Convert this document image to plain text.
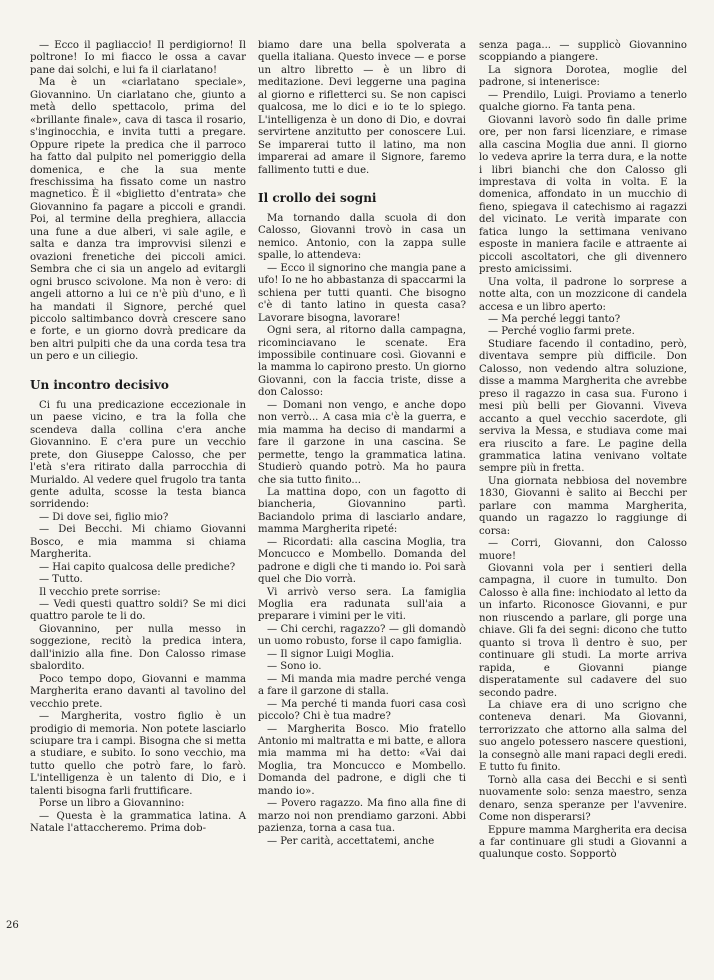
26

— Ecco il pagliaccio! Il perdigiorno! Il poltrone! Io mi fiacco le ossa a cavar pane dai solchi, e lui fa il ciarlatano!

Ma è un «ciarlatano speciale», Giovannino. Un ciarlatano che, giunto a metà dello spettacolo, prima del «brillante finale», cava di tasca il rosario, s'inginocchia, e invita tutti a pregare. Oppure ripete la predica che il parroco ha fatto dal pulpito nel pomeriggio della domenica, e che la sua mente freschissima ha fissato come un nastro magnetico. È il «biglietto d'entrata» che Giovannino fa pagare a piccoli e grandi. Poi, al termine della preghiera, allaccia una fune a due alberi, vi sale agile, e salta e danza tra improvvisi silenzi e ovazioni frenetiche dei piccoli amici. Sembra che ci sia un angelo ad evitargli ogni brusco scivolone. Ma non è vero: di angeli attorno a lui ce n'è più d'uno, e lì ha mandati il Signore, perché quel piccolo saltimbanco dovrà crescere sano e forte, e un giorno dovrà predicare da ben altri pulpiti che da una corda tesa tra un pero e un ciliegio.

Un incontro decisivo

Ci fu una predicazione eccezionale in un paese vicino, e tra la folla che scendeva dalla collina c'era anche Giovannino. E c'era pure un vecchio prete, don Giuseppe Calosso, che per l'età s'era ritirato dalla parrocchia di Murialdo. Al vedere quel frugolo tra tanta gente adulta, scosse la testa bianca sorridendo:

— Di dove sei, figlio mio?

— Dei Becchi. Mi chiamo Giovanni Bosco, e mia mamma si chiama Margherita.

— Hai capito qualcosa delle prediche?

— Tutto.

Il vecchio prete sorrise:

— Vedi questi quattro soldi? Se mi dici quattro parole te li do.

Giovannino, per nulla messo in soggezione, recitò la predica intera, dall'inizio alla fine. Don Calosso rimase sbalordito.

Poco tempo dopo, Giovanni e mamma Margherita erano davanti al tavolino del vecchio prete.

— Margherita, vostro figlio è un prodigio di memoria. Non potete lasciarlo sciupare tra i campi. Bisogna che si metta a studiare, e subito. Io sono vecchio, ma tutto quello che potrò fare, lo farò. L'intelligenza è un talento di Dio, e i talenti bisogna farli fruttificare.

Porse un libro a Giovannino:

— Questa è la grammatica latina. A Natale l'attaccheremo. Prima dob-

biamo dare una bella spolverata a quella italiana. Questo invece — e porse un altro libretto — è un libro di meditazione. Devi leggerne una pagina al giorno e rifletterci su. Se non capisci qualcosa, me lo dici e io te lo spiego. L'intelligenza è un dono di Dio, e dovrai servirtene anzitutto per conoscere Lui. Se imparerai tutto il latino, ma non imparerai ad amare il Signore, faremo fallimento tutti e due.

Il crollo dei sogni

Ma tornando dalla scuola di don Calosso, Giovanni trovò in casa un nemico. Antonio, con la zappa sulle spalle, lo attendeva:

— Ecco il signorino che mangia pane a ufo! Io ne ho abbastanza di spaccarmi la schiena per tutti quanti. Che bisogno c'è di tanto latino in questa casa? Lavorare bisogna, lavorare!

Ogni sera, al ritorno dalla campagna, ricominciavano le scenate. Era impossibile continuare così. Giovanni e la mamma lo capirono presto. Un giorno Giovanni, con la faccia triste, disse a don Calosso:

— Domani non vengo, e anche dopo non verrò... A casa mia c'è la guerra, e mia mamma ha deciso di mandarmi a fare il garzone in una cascina. Se permette, tengo la grammatica latina. Studierò quando potrò. Ma ho paura che sia tutto finito...

La mattina dopo, con un fagotto di biancheria, Giovannino partì. Baciandolo prima di lasciarlo andare, mamma Margherita ripeté:

— Ricordati: alla cascina Moglia, tra Moncucco e Mombello. Domanda del padrone e digli che ti mando io. Poi sarà quel che Dio vorrà.

Vi arrivò verso sera. La famiglia Moglia era radunata sull'aia a preparare i vimini per le viti.

— Chi cerchi, ragazzo? — gli domandò un uomo robusto, forse il capo famiglia.

— Il signor Luigi Moglia.

— Sono io.

— Mi manda mia madre perché venga a fare il garzone di stalla.

— Ma perché ti manda fuori casa così piccolo? Chi è tua madre?

— Margherita Bosco. Mio fratello Antonio mi maltratta e mi batte, e allora mia mamma mi ha detto: «Vai dai Moglia, tra Moncucco e Mombello. Domanda del padrone, e digli che ti mando io».

— Povero ragazzo. Ma fino alla fine di marzo noi non prendiamo garzoni. Abbi pazienza, torna a casa tua.

— Per carità, accettatemi, anche

senza paga... — supplicò Giovannino scoppiando a piangere.

La signora Dorotea, moglie del padrone, si intenerisce:

— Prendilo, Luigi. Proviamo a tenerlo qualche giorno. Fa tanta pena.

Giovanni lavorò sodo fin dalle prime ore, per non farsi licenziare, e rimase alla cascina Moglia due anni. Il giorno lo vedeva aprire la terra dura, e la notte i libri bianchi che don Calosso gli imprestava di volta in volta. E la domenica, affondato in un mucchio di fieno, spiegava il catechismo ai ragazzi del vicinato. Le verità imparate con fatica lungo la settimana venivano esposte in maniera facile e attraente ai piccoli ascoltatori, che gli divennero presto amicissimi.

Una volta, il padrone lo sorprese a notte alta, con un mozzicone di candela accesa e un libro aperto:

— Ma perché leggi tanto?

— Perché voglio farmi prete.

Studiare facendo il contadino, però, diventava sempre più difficile. Don Calosso, non vedendo altra soluzione, disse a mamma Margherita che avrebbe preso il ragazzo in casa sua. Furono i mesi più belli per Giovanni. Viveva accanto a quel vecchio sacerdote, gli serviva la Messa, e studiava come mai era riuscito a fare. Le pagine della grammatica latina venivano voltate sempre più in fretta.

Una giornata nebbiosa del novembre 1830, Giovanni è salito ai Becchi per parlare con mamma Margherita, quando un ragazzo lo raggiunge di corsa:

— Corri, Giovanni, don Calosso muore!

Giovanni vola per i sentieri della campagna, il cuore in tumulto. Don Calosso è alla fine: inchiodato al letto da un infarto. Riconosce Giovanni, e pur non riuscendo a parlare, gli porge una chiave. Gli fa dei segni: dicono che tutto quanto si trova lì dentro è suo, per continuare gli studi. La morte arriva rapida, e Giovanni piange disperatamente sul cadavere del suo secondo padre.

La chiave era di uno scrigno che conteneva denari. Ma Giovanni, terrorizzato che attorno alla salma del suo angelo potessero nascere questioni, la consegnò alle mani rapaci degli eredi. E tutto fu finito.

Tornò alla casa dei Becchi e si sentì nuovamente solo: senza maestro, senza denaro, senza speranze per l'avvenire. Come non disperarsi?

Eppure mamma Margherita era decisa a far continuare gli studi a Giovanni a qualunque costo. Sopportò
